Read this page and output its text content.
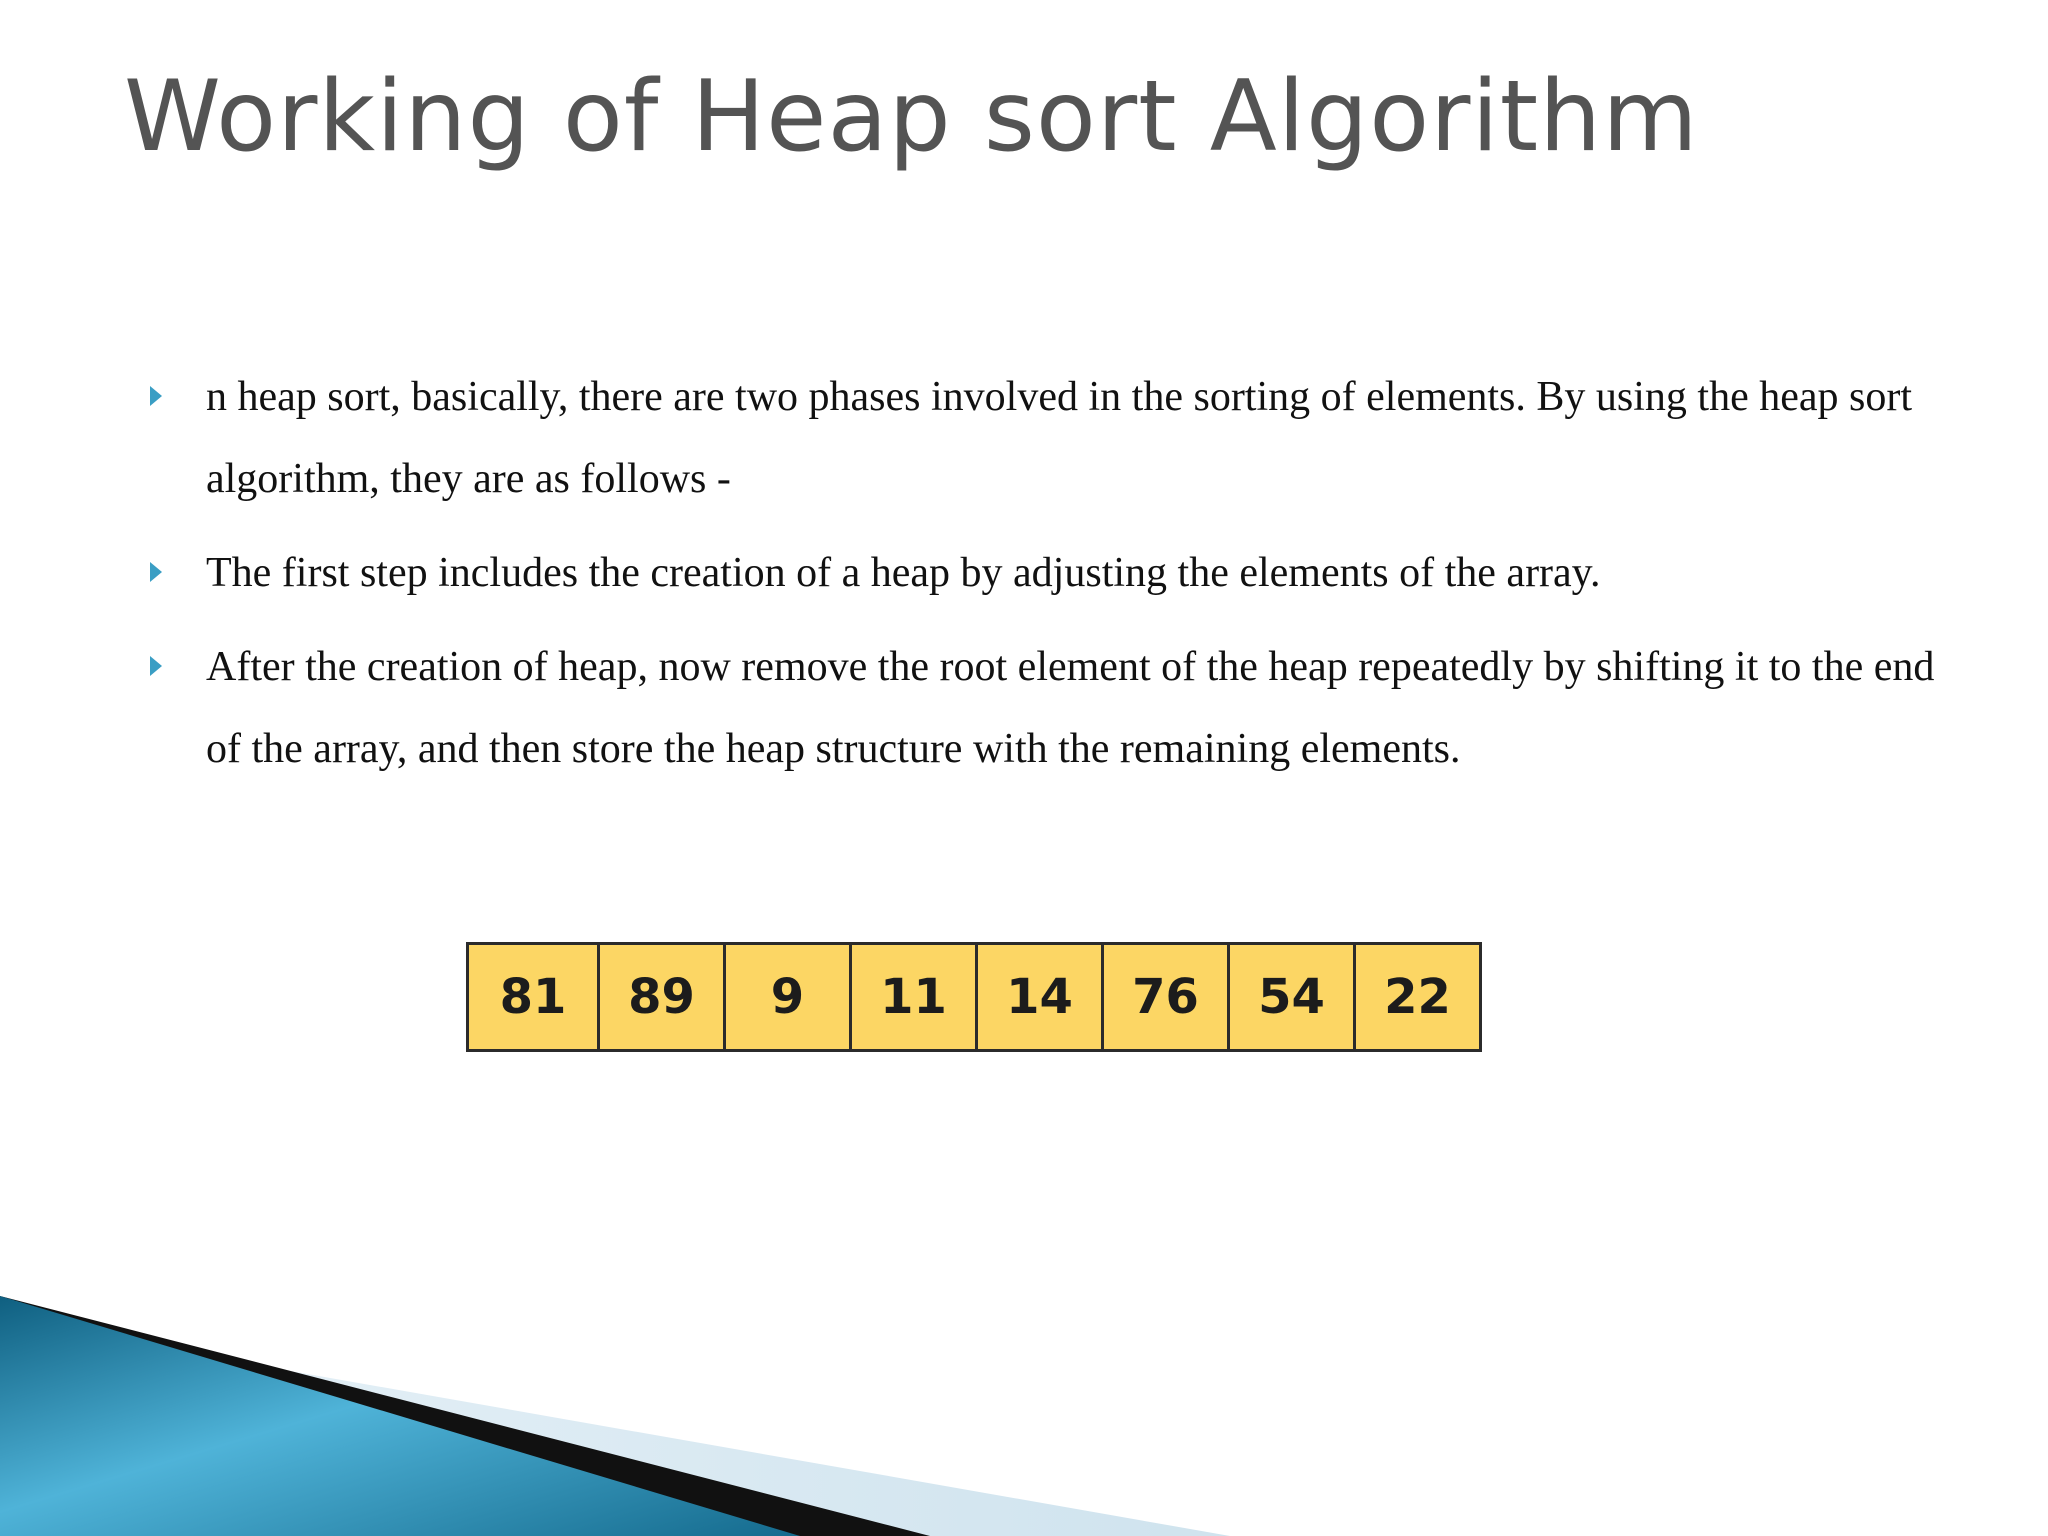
Working of Heap sort Algorithm
n heap sort, basically, there are two phases involved in the sorting of elements. By using the heap sort algorithm, they are as follows -
The first step includes the creation of a heap by adjusting the elements of the array.
After the creation of heap, now remove the root element of the heap repeatedly by shifting it to the end of the array, and then store the heap structure with the remaining elements.
81	89	9	11	14	76	54	22
